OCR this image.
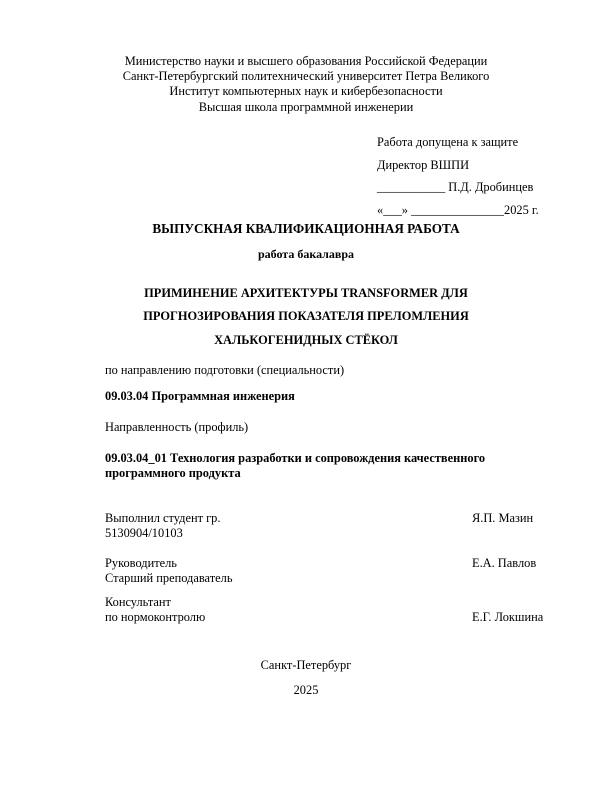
Министерство науки и высшего образования Российской Федерации
Санкт-Петербургский политехнический университет Петра Великого
Институт компьютерных наук и кибербезопасности
Высшая школа программной инженерии
Работа допущена к защите
Директор ВШПИ
___________ П.Д. Дробинцев
«___» _______________2025 г.
ВЫПУСКНАЯ КВАЛИФИКАЦИОННАЯ РАБОТА
работа бакалавра
ПРИМИНЕНИЕ АРХИТЕКТУРЫ TRANSFORMER ДЛЯ
ПРОГНОЗИРОВАНИЯ ПОКАЗАТЕЛЯ ПРЕЛОМЛЕНИЯ
ХАЛЬКОГЕНИДНЫХ СТЁКОЛ
по направлению подготовки (специальности)
09.03.04 Программная инженерия
Направленность (профиль)
09.03.04_01 Технология разработки и сопровождения качественного программного продукта
Выполнил студент гр.
5130904/10103
Я.П. Мазин
Руководитель
Старший преподаватель
Е.А. Павлов
Консультант
по нормоконтролю	Е.Г. Локшина
Санкт-Петербург
2025
